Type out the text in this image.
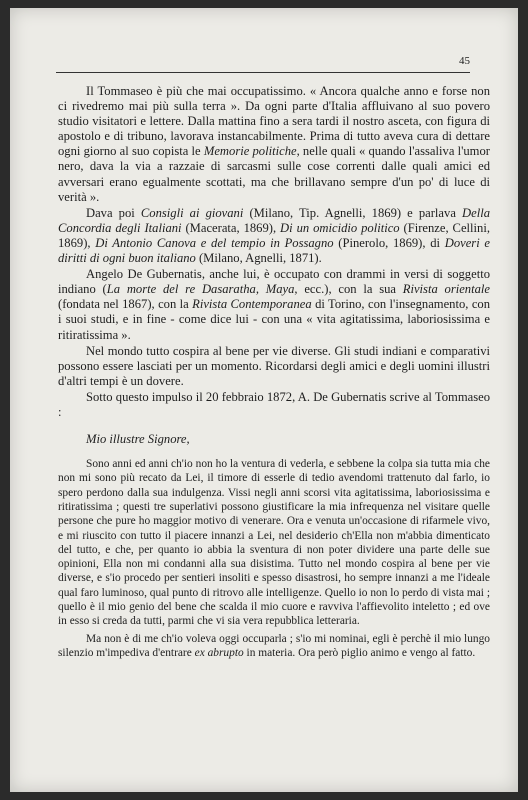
45

Il Tommaseo è più che mai occupatissimo. « Ancora qualche anno e forse non ci rivedremo mai più sulla terra ». Da ogni parte d'Italia affluivano al suo povero studio visitatori e lettere. Dalla mattina fino a sera tardi il nostro asceta, con figura di apostolo e di tribuno, lavorava instancabilmente. Prima di tutto aveva cura di dettare ogni giorno al suo copista le Memorie politiche, nelle quali « quando l'assaliva l'umor nero, dava la via a razzaie di sarcasmi sulle cose correnti dalle quali amici ed avversari erano egualmente scottati, ma che brillavano sempre d'un po' di luce di verità ».

Dava poi Consigli ai giovani (Milano, Tip. Agnelli, 1869) e parlava Della Concordia degli Italiani (Macerata, 1869), Di un omicidio politico (Firenze, Cellini, 1869), Di Antonio Canova e del tempio in Possagno (Pinerolo, 1869), di Doveri e diritti di ogni buon italiano (Milano, Agnelli, 1871).

Angelo De Gubernatis, anche lui, è occupato con drammi in versi di soggetto indiano (La morte del re Dasaratha, Maya, ecc.), con la sua Rivista orientale (fondata nel 1867), con la Rivista Contemporanea di Torino, con l'insegnamento, con i suoi studi, e in fine - come dice lui - con una « vita agitatissima, laboriosissima e ritiratissima ».

Nel mondo tutto cospira al bene per vie diverse. Gli studi indiani e comparativi possono essere lasciati per un momento. Ricordarsi degli amici e degli uomini illustri d'altri tempi è un dovere.

Sotto questo impulso il 20 febbraio 1872, A. De Gubernatis scrive al Tommaseo :

Mio illustre Signore,

Sono anni ed anni ch'io non ho la ventura di vederla, e sebbene la colpa sia tutta mia che non mi sono più recato da Lei, il timore di esserle di tedio avendomi trattenuto dal farlo, io spero perdono dalla sua indulgenza. Vissi negli anni scorsi vita agitatissima, laboriosissima e ritiratissima ; questi tre superlativi possono giustificare la mia infrequenza nel visitare quelle persone che pure ho maggior motivo di venerare. Ora e venuta un'occasione di rifarmele vivo, e mi riuscito con tutto il piacere innanzi a Lei, nel desiderio ch'Ella non m'abbia dimenticato del tutto, e che, per quanto io abbia la sventura di non poter dividere una parte delle sue opinioni, Ella non mi condanni alla sua disistima. Tutto nel mondo cospira al bene per vie diverse, e s'io procedo per sentieri insoliti e spesso disastrosi, ho sempre innanzi a me l'ideale qual faro luminoso, qual punto di ritrovo alle intelligenze. Quello io non lo perdo di vista mai ; quello è il mio genio del bene che scalda il mio cuore e ravviva l'affievolito inteletto ; ed ove in esso si creda da tutti, parmi che vi sia vera repubblica letteraria.

Ma non è di me ch'io voleva oggi occuparla ; s'io mi nominai, egli è perchè il mio lungo silenzio m'impediva d'entrare ex abrupto in materia. Ora però piglio animo e vengo al fatto.
